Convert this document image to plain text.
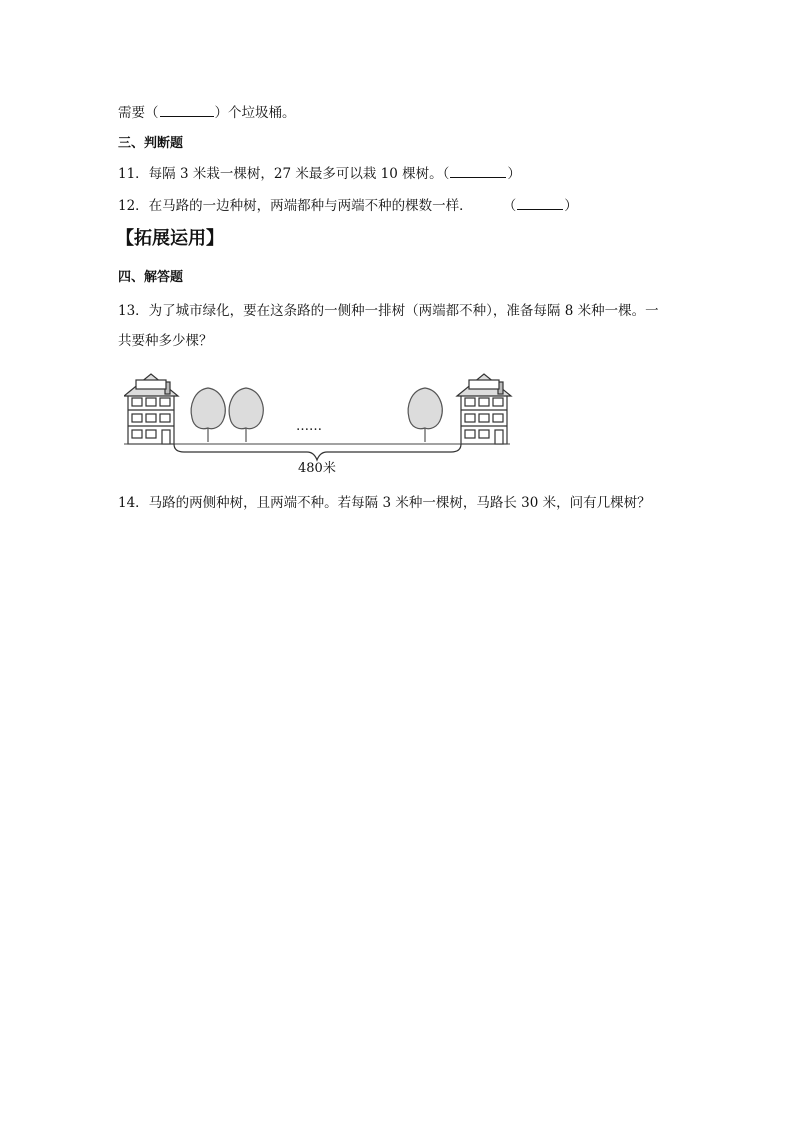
需要（	）个垃圾桶。
三、判断题
11．每隔 3 米栽一棵树，27 米最多可以栽 10 棵树。（	）
12．在马路的一边种树，两端都种与两端不种的棵数一样． （	）
【拓展运用】
四、解答题
13．为了城市绿化，要在这条路的一侧种一排树（两端都不种），准备每隔 8 米种一棵。一
共要种多少棵？
……
480米
14．马路的两侧种树，且两端不种。若每隔 3 米种一棵树，马路长 30 米，问有几棵树？
